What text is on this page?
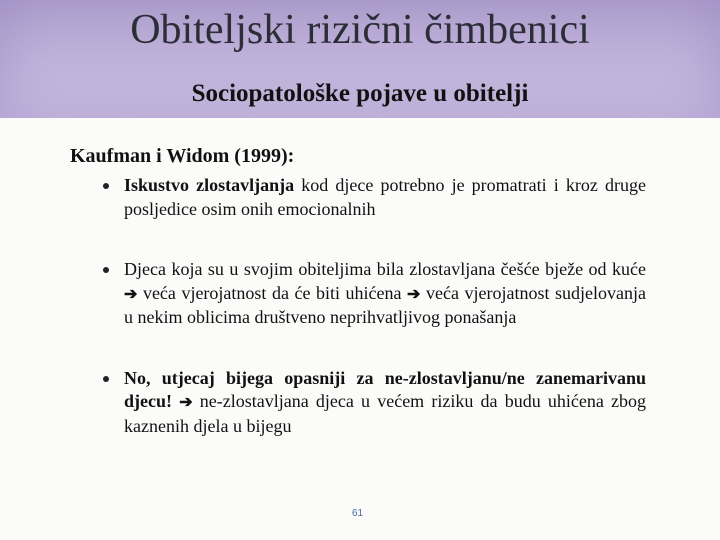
Obiteljski rizični čimbenici
Sociopatološke pojave u obitelji

Kaufman i Widom (1999):

Iskustvo zlostavljanja kod djece potrebno je promatrati i kroz druge posljedice osim onih emocionalnih
Djeca koja su u svojim obiteljima bila zlostavljana češće bježe od kuće ➔ veća vjerojatnost da će biti uhićena ➔ veća vjerojatnost sudjelovanja u nekim oblicima društveno neprihvatljivog ponašanja
No, utjecaj bijega opasniji za ne-zlostavljanu/ne zanemarivanu djecu! ➔ ne-zlostavljana djeca u većem riziku da budu uhićena zbog kaznenih djela u bijegu
61
